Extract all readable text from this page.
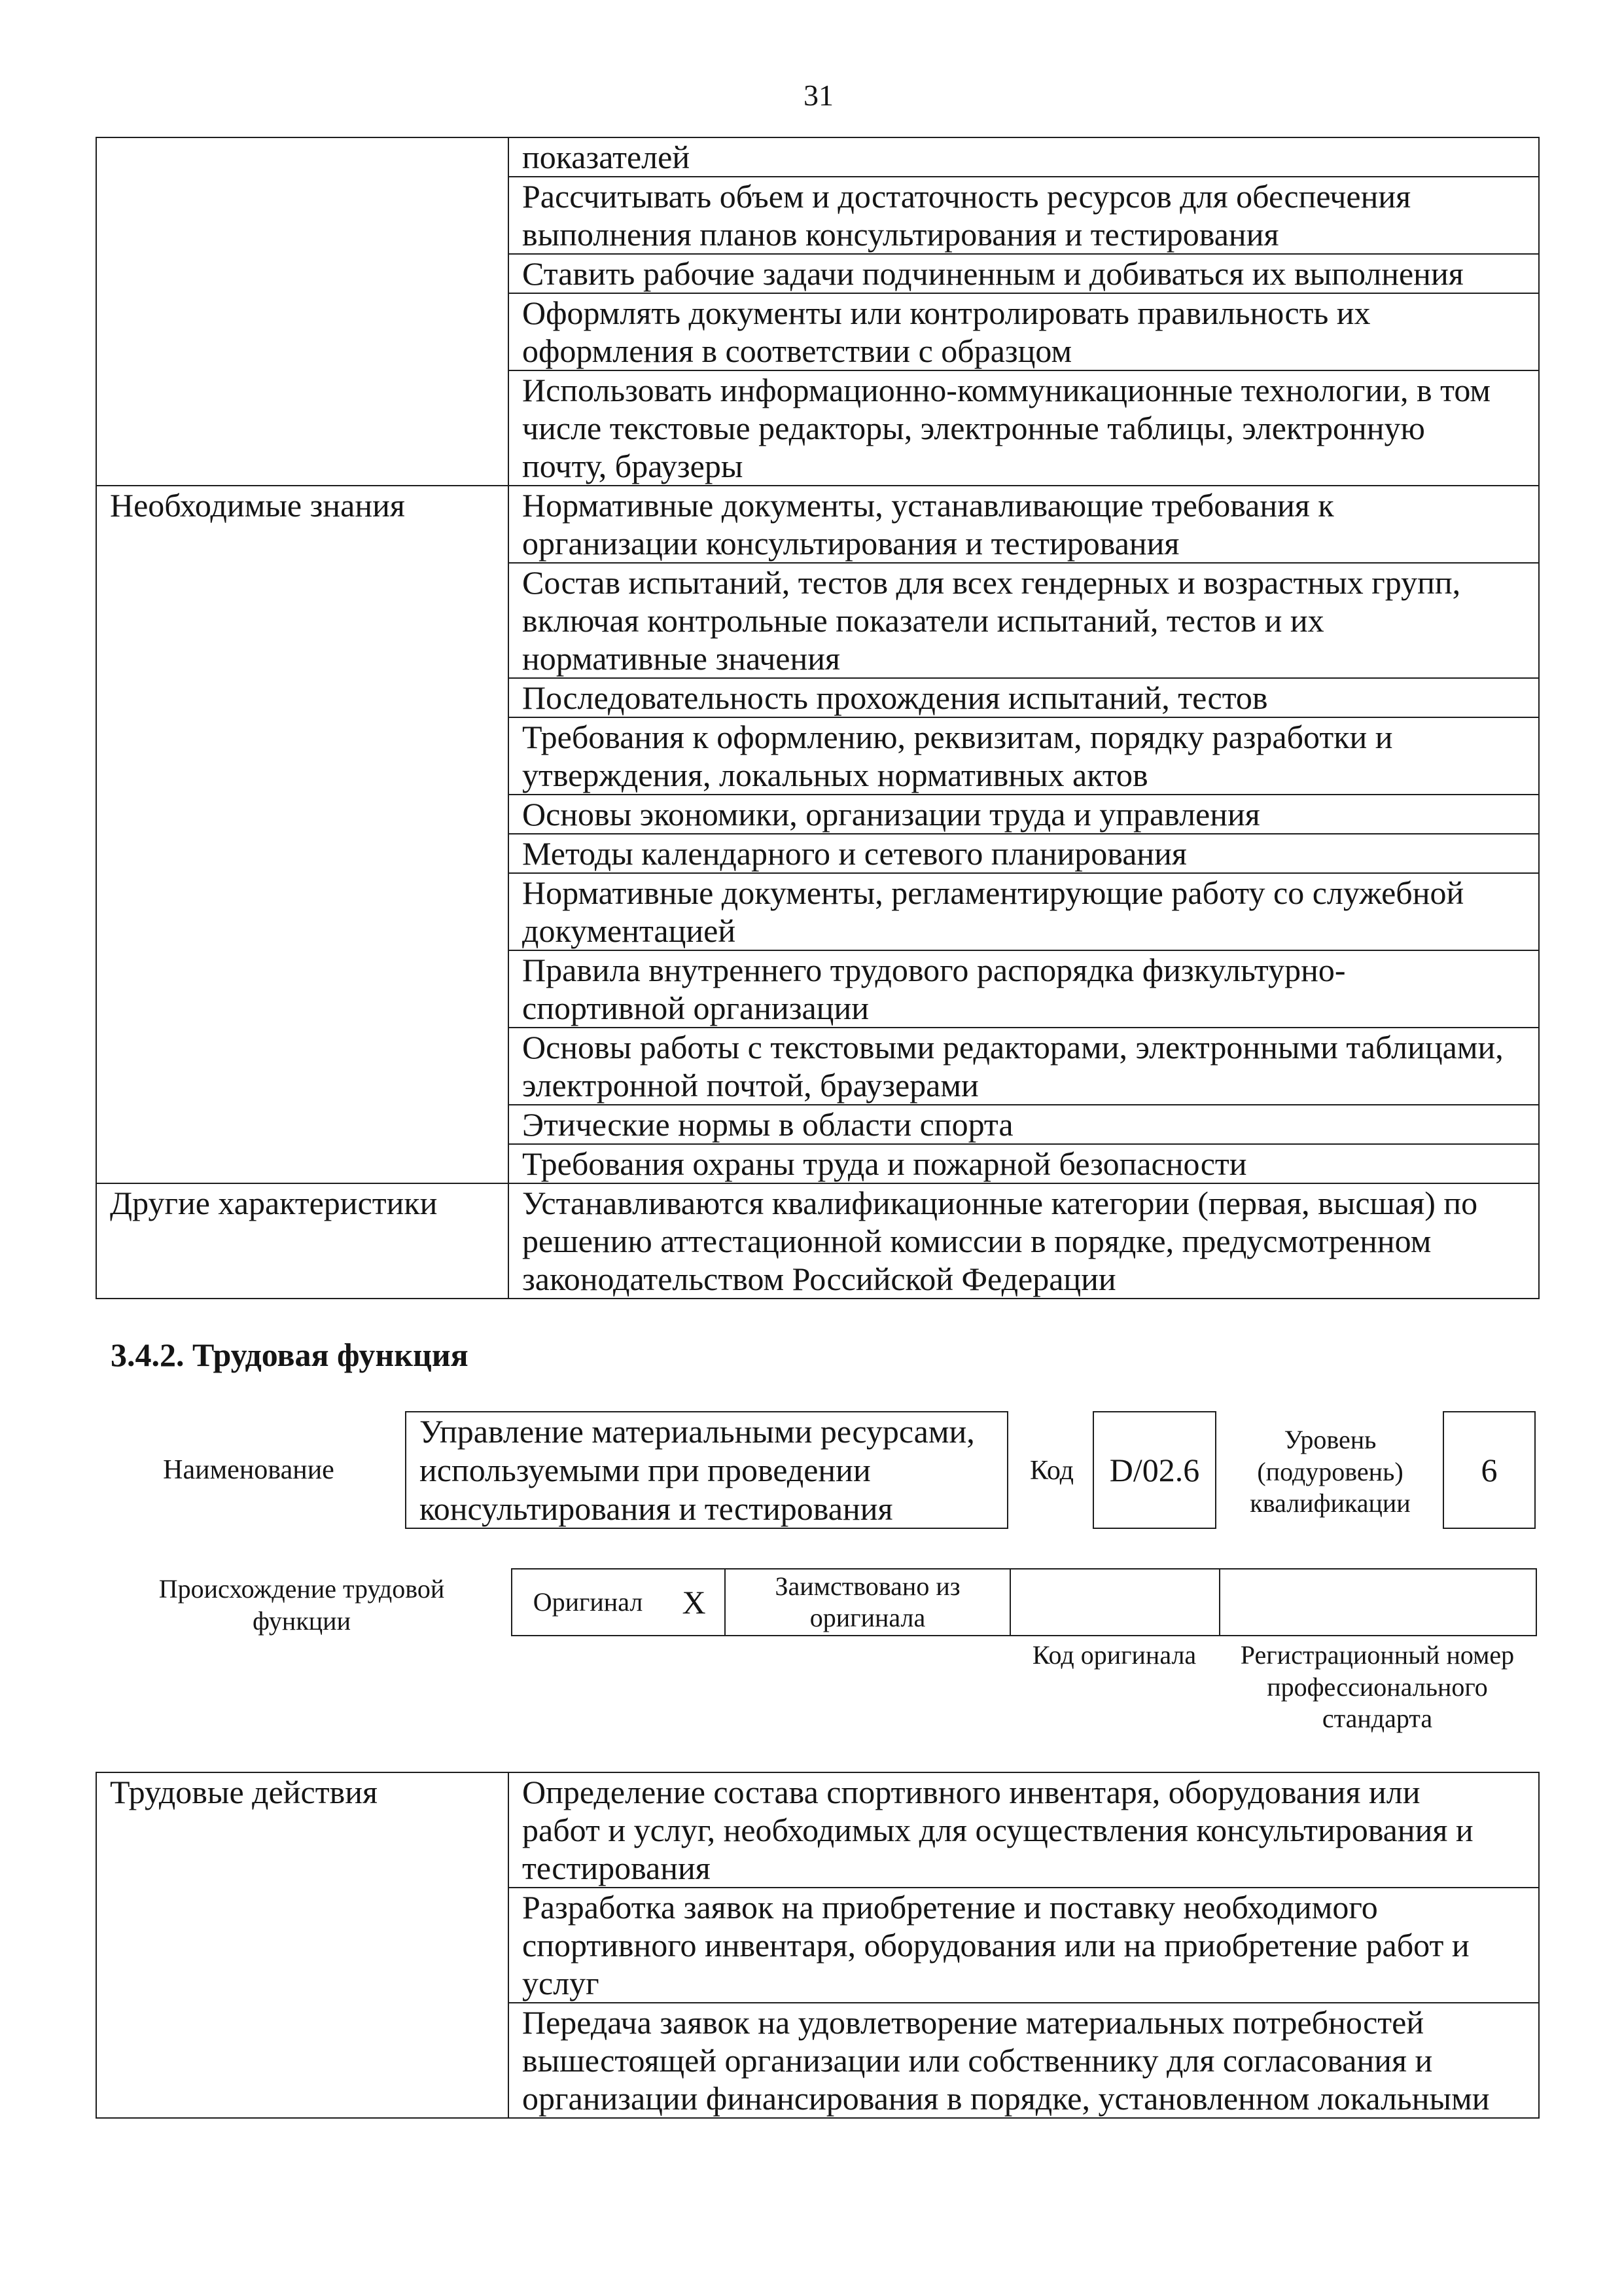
31
	показателей
	Рассчитывать объем и достаточность ресурсов для обеспечения
выполнения планов консультирования и тестирования
	Ставить рабочие задачи подчиненным и добиваться их выполнения
	Оформлять документы или контролировать правильность их
оформления в соответствии с образцом
	Использовать информационно-коммуникационные технологии, в том
числе текстовые редакторы, электронные таблицы, электронную
почту, браузеры
Необходимые знания	Нормативные документы, устанавливающие требования к
организации консультирования и тестирования
	Состав испытаний, тестов для всех гендерных и возрастных групп,
включая контрольные показатели испытаний, тестов и их
нормативные значения
	Последовательность прохождения испытаний, тестов
	Требования к оформлению, реквизитам, порядку разработки и
утверждения, локальных нормативных актов
	Основы экономики, организации труда и управления
	Методы календарного и сетевого планирования
	Нормативные документы, регламентирующие работу со служебной
документацией
	Правила внутреннего трудового распорядка физкультурно-
спортивной организации
	Основы работы с текстовыми редакторами, электронными таблицами,
электронной почтой, браузерами
	Этические нормы в области спорта
	Требования охраны труда и пожарной безопасности
Другие характеристики	Устанавливаются квалификационные категории (первая, высшая) по
решению аттестационной комиссии в порядке, предусмотренном
законодательством Российской Федерации
3.4.2. Трудовая функция
Наименование
Управление материальными ресурсами,
используемыми при проведении
консультирования и тестирования
Код D/02.6
Уровень
(подуровень)
квалификации
6
Происхождение трудовой
функции
Оригинал	X	Заимствовано из
оригинала		
Код оригинала	Регистрационный номер
профессионального
стандарта
Трудовые действия	Определение состава спортивного инвентаря, оборудования или
работ и услуг, необходимых для осуществления консультирования и
тестирования
Разработка заявок на приобретение и поставку необходимого
спортивного инвентаря, оборудования или на приобретение работ и
услуг
Передача заявок на удовлетворение материальных потребностей
вышестоящей организации или собственнику для согласования и
организации финансирования в порядке, установленном локальными
